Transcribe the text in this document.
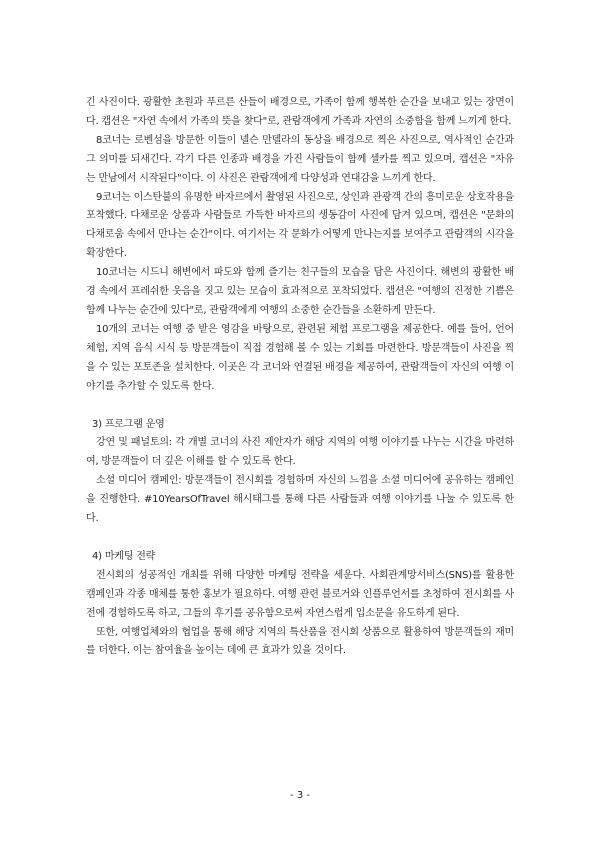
긴 사진이다. 광활한 초원과 푸르른 산들이 배경으로, 가족이 함께 행복한 순간을 보내고 있는 장면이다. 캡션은 "자연 속에서 가족의 뜻을 찾다"로, 관람객에게 가족과 자연의 소중함을 함께 느끼게 한다.

8코너는 로벤섬을 방문한 이들이 넬슨 만델라의 동상을 배경으로 찍은 사진으로, 역사적인 순간과 그 의미를 되새긴다. 각기 다른 인종과 배경을 가진 사람들이 함께 셀카를 찍고 있으며, 캡션은 "자유는 만남에서 시작된다"이다. 이 사진은 관람객에게 다양성과 연대감을 느끼게 한다.

9코너는 이스탄불의 유명한 바자르에서 촬영된 사진으로, 상인과 관광객 간의 흥미로운 상호작용을 포착했다. 다채로운 상품과 사람들로 가득한 바자르의 생동감이 사진에 담겨 있으며, 캡션은 "문화의 다채로움 속에서 만나는 순간"이다. 여기서는 각 문화가 어떻게 만나는지를 보여주고 관람객의 시각을 확장한다.

10코너는 시드니 해변에서 파도와 함께 즐기는 친구들의 모습을 담은 사진이다. 해변의 광활한 배경 속에서 프레쉬한 웃음을 짓고 있는 모습이 효과적으로 포착되었다. 캡션은 "여행의 진정한 기쁨은 함께 나누는 순간에 있다"로, 관람객에게 여행의 소중한 순간들을 소환하게 만든다.

10개의 코너는 여행 중 받은 영감을 바탕으로, 관련된 체험 프로그램을 제공한다. 예를 들어, 언어 체험, 지역 음식 시식 등 방문객들이 직접 경험해 볼 수 있는 기회를 마련한다. 방문객들이 사진을 찍을 수 있는 포토존을 설치한다. 이곳은 각 코너와 연결된 배경을 제공하여, 관람객들이 자신의 여행 이야기를 추가할 수 있도록 한다.

3) 프로그램 운영

강연 및 패널토의: 각 개별 코너의 사진 제안자가 해당 지역의 여행 이야기를 나누는 시간을 마련하여, 방문객들이 더 깊은 이해를 할 수 있도록 한다.

소셜 미디어 캠페인: 방문객들이 전시회를 경험하며 자신의 느낌을 소셜 미디어에 공유하는 캠페인을 진행한다. #10YearsOfTravel 해시태그를 통해 다른 사람들과 여행 이야기를 나눌 수 있도록 한다.

4) 마케팅 전략

전시회의 성공적인 개최를 위해 다양한 마케팅 전략을 세운다. 사회관계망서비스(SNS)를 활용한 캠페인과 각종 매체를 통한 홍보가 필요하다. 여행 관련 블로거와 인플루언서를 초청하여 전시회를 사전에 경험하도록 하고, 그들의 후기를 공유함으로써 자연스럽게 입소문을 유도하게 된다.

또한, 여행업체와의 협업을 통해 해당 지역의 특산품을 전시회 상품으로 활용하여 방문객들의 재미를 더한다. 이는 참여율을 높이는 데에 큰 효과가 있을 것이다.

- 3 -
